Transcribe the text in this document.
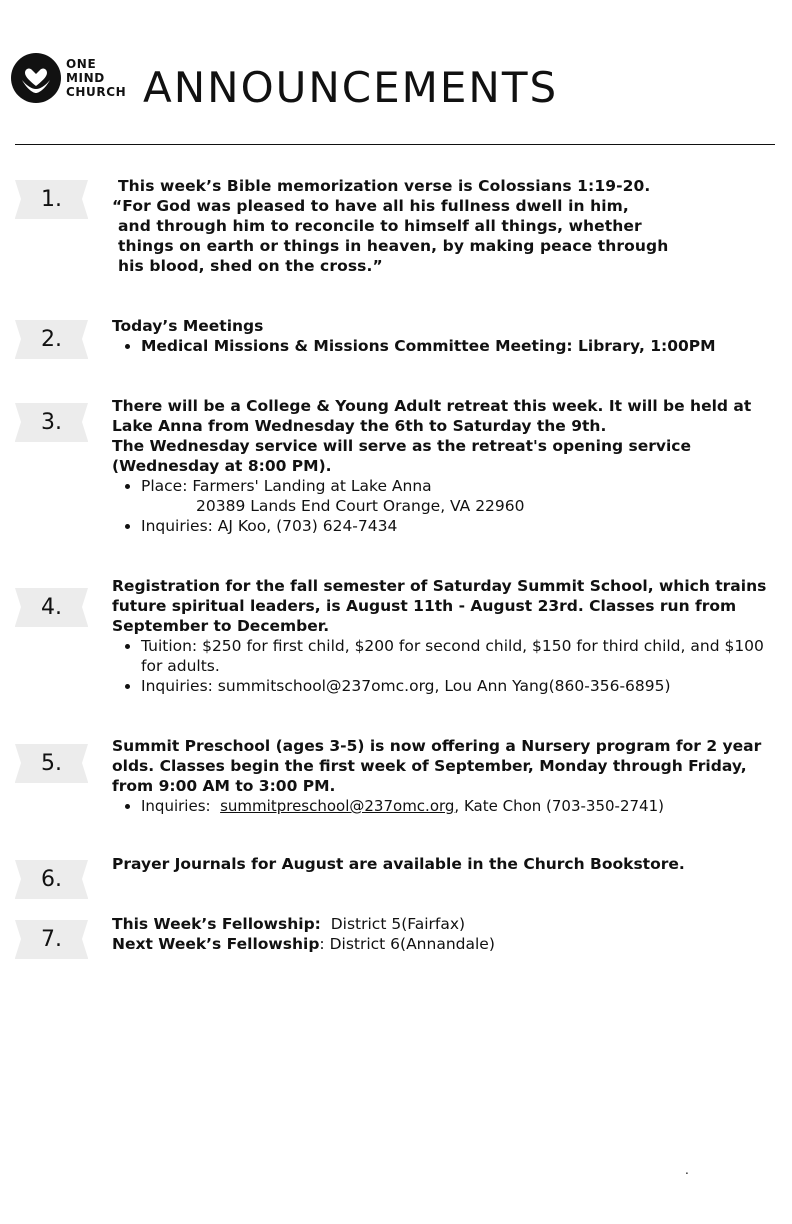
ONE
MIND
CHURCH ANNOUNCEMENTS
1.

This week’s Bible memorization verse is Colossians 1:19-20.

“For God was pleased to have all his fullness dwell in him,

and through him to reconcile to himself all things, whether

things on earth or things in heaven, by making peace through

his blood, shed on the cross.”

2.

Today’s Meetings

• Medical Missions & Missions Committee Meeting: Library, 1:00PM
3.

There will be a College & Young Adult retreat this week. It will be held at Lake Anna from Wednesday the 6th to Saturday the 9th.

The Wednesday service will serve as the retreat's opening service (Wednesday at 8:00 PM).

• Place: Farmers' Landing at Lake Anna
20389 Lands End Court Orange, VA 22960
• Inquiries: AJ Koo, (703) 624-7434
4.

Registration for the fall semester of Saturday Summit School, which trains future spiritual leaders, is August 11th - August 23rd. Classes run from September to December.

• Tuition: $250 for first child, $200 for second child, $150 for third child, and $100 for adults.
• Inquiries: summitschool@237omc.org, Lou Ann Yang(860-356-6895)
5.

Summit Preschool (ages 3-5) is now offering a Nursery program for 2 year olds. Classes begin the first week of September, Monday through Friday, from 9:00 AM to 3:00 PM.

• Inquiries: summitpreschool@237omc.org, Kate Chon (703-350-2741)
6.

Prayer Journals for August are available in the Church Bookstore.

7.

This Week’s Fellowship: District 5(Fairfax)

Next Week’s Fellowship: District 6(Annandale)

.
